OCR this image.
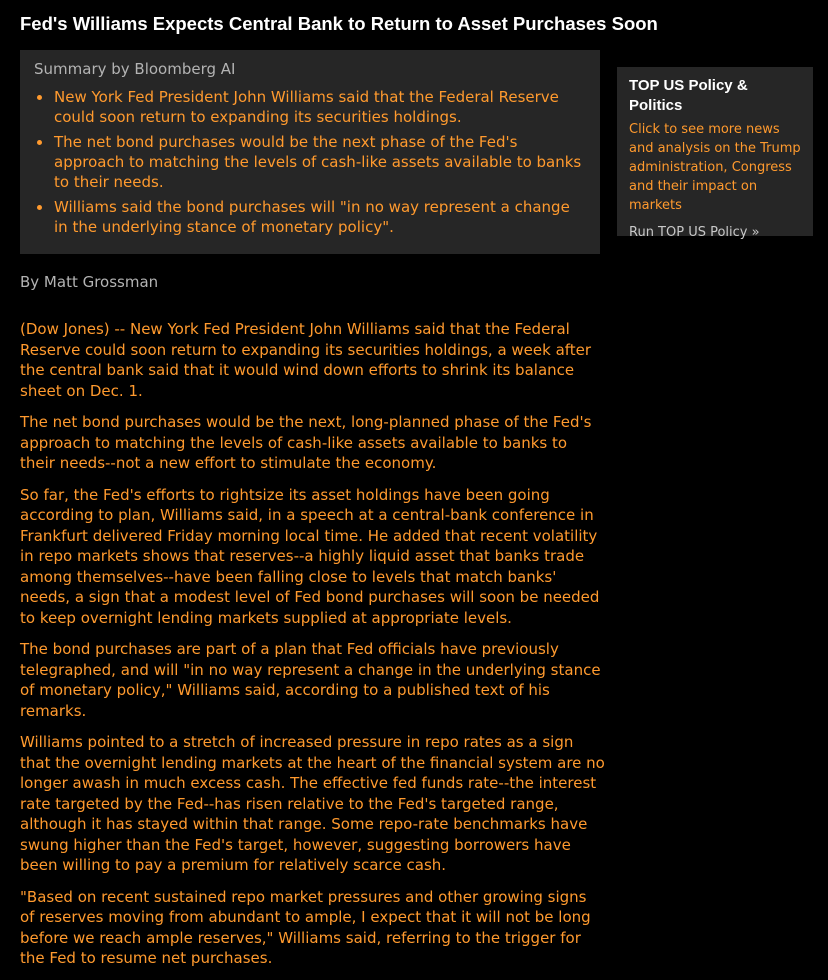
Fed's Williams Expects Central Bank to Return to Asset Purchases Soon
Summary by Bloomberg AI
New York Fed President John Williams said that the Federal Reserve could soon return to expanding its securities holdings.
The net bond purchases would be the next phase of the Fed's approach to matching the levels of cash-like assets available to banks to their needs.
Williams said the bond purchases will "in no way represent a change in the underlying stance of monetary policy".
TOP US Policy & Politics
Click to see more news and analysis on the Trump administration, Congress and their impact on markets
Run TOP US Policy »
By Matt Grossman

(Dow Jones) -- New York Fed President John Williams said that the Federal Reserve could soon return to expanding its securities holdings, a week after the central bank said that it would wind down efforts to shrink its balance sheet on Dec. 1.

The net bond purchases would be the next, long-planned phase of the Fed's approach to matching the levels of cash-like assets available to banks to their needs--not a new effort to stimulate the economy.

So far, the Fed's efforts to rightsize its asset holdings have been going according to plan, Williams said, in a speech at a central-bank conference in Frankfurt delivered Friday morning local time. He added that recent volatility in repo markets shows that reserves--a highly liquid asset that banks trade among themselves--have been falling close to levels that match banks' needs, a sign that a modest level of Fed bond purchases will soon be needed to keep overnight lending markets supplied at appropriate levels.

The bond purchases are part of a plan that Fed officials have previously telegraphed, and will "in no way represent a change in the underlying stance of monetary policy," Williams said, according to a published text of his remarks.

Williams pointed to a stretch of increased pressure in repo rates as a sign that the overnight lending markets at the heart of the financial system are no longer awash in much excess cash. The effective fed funds rate--the interest rate targeted by the Fed--has risen relative to the Fed's targeted range, although it has stayed within that range. Some repo-rate benchmarks have swung higher than the Fed's target, however, suggesting borrowers have been willing to pay a premium for relatively scarce cash.

"Based on recent sustained repo market pressures and other growing signs of reserves moving from abundant to ample, I expect that it will not be long before we reach ample reserves," Williams said, referring to the trigger for the Fed to resume net purchases.
